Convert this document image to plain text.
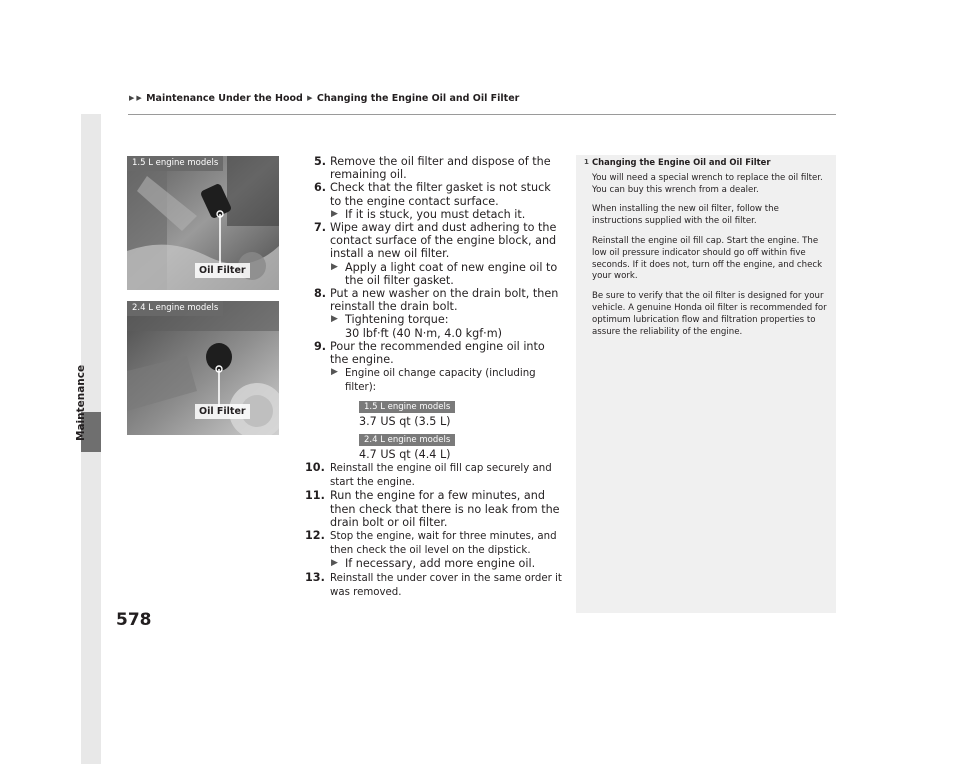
▶ ▶ Maintenance Under the Hood ▶ Changing the Engine Oil and Oil Filter
Maintenance
578
1.5 L engine models
Oil Filter
2.4 L engine models
Oil Filter
5. Remove the oil filter and dispose of the remaining oil.
6. Check that the filter gasket is not stuck to the engine contact surface.
▶ If it is stuck, you must detach it.
7. Wipe away dirt and dust adhering to the contact surface of the engine block, and install a new oil filter.
▶ Apply a light coat of new engine oil to the oil filter gasket.
8. Put a new washer on the drain bolt, then reinstall the drain bolt.
▶ Tightening torque:
30 lbf·ft (40 N·m, 4.0 kgf·m)
9. Pour the recommended engine oil into the engine.
▶ Engine oil change capacity (including filter):
1.5 L engine models
3.7 US qt (3.5 L)
2.4 L engine models
4.7 US qt (4.4 L)
10. Reinstall the engine oil fill cap securely and start the engine.
11. Run the engine for a few minutes, and then check that there is no leak from the drain bolt or oil filter.
12. Stop the engine, wait for three minutes, and then check the oil level on the dipstick.
▶ If necessary, add more engine oil.
13. Reinstall the under cover in the same order it was removed.
1 Changing the Engine Oil and Oil Filter

You will need a special wrench to replace the oil filter. You can buy this wrench from a dealer.

When installing the new oil filter, follow the instructions supplied with the oil filter.

Reinstall the engine oil fill cap. Start the engine. The low oil pressure indicator should go off within five seconds. If it does not, turn off the engine, and check your work.

Be sure to verify that the oil filter is designed for your vehicle. A genuine Honda oil filter is recommended for optimum lubrication flow and filtration properties to assure the reliability of the engine.
